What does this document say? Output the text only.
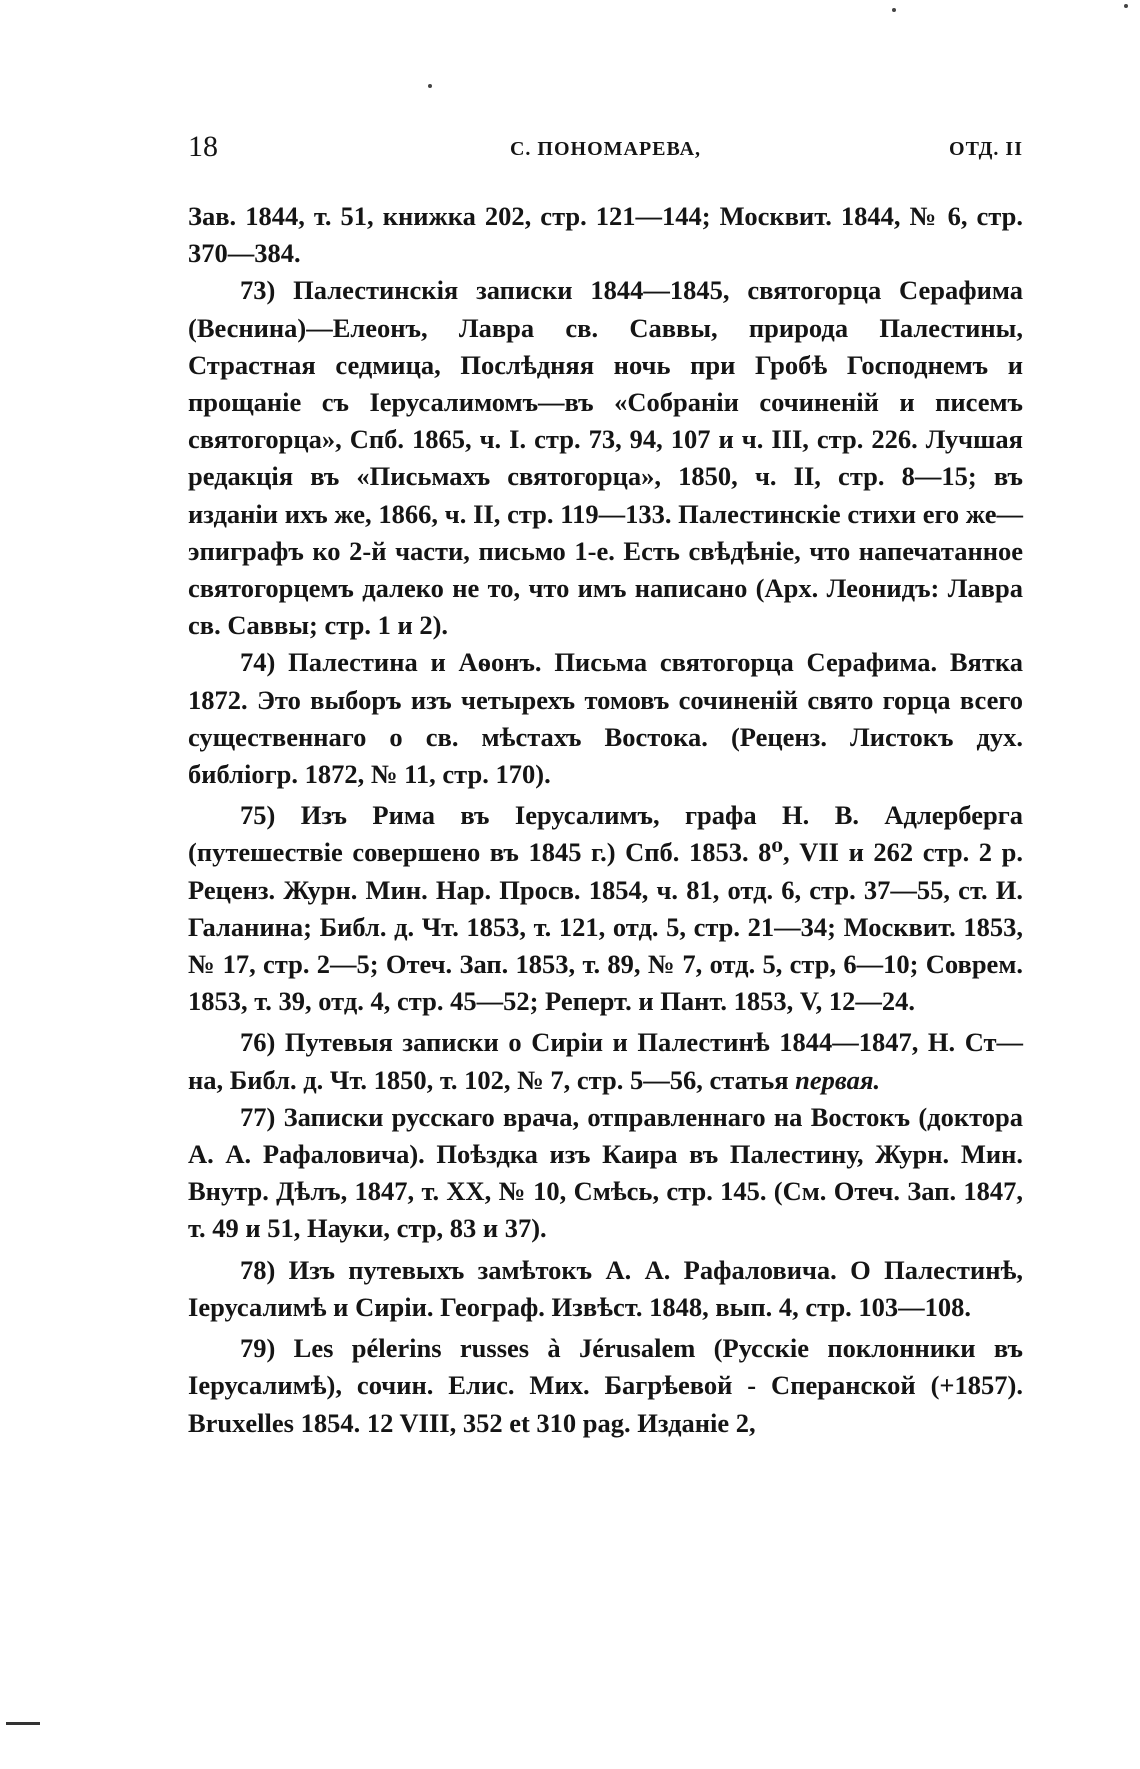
18	С. ПОНОМАРЕВА,	ОТД. II

Зав. 1844, т. 51, книжка 202, стр. 121—144; Москвит. 1844, № 6, стр. 370—384.

73) Палестинскія записки 1844—1845, святогорца Серафима (Веснина)—Елеонъ, Лавра св. Саввы, природа Палестины, Страстная седмица, Послѣдняя ночь при Гробѣ Господнемъ и прощаніе съ Іерусалимомъ—въ «Собраніи сочиненій и писемъ святогорца», Спб. 1865, ч. I. стр. 73, 94, 107 и ч. III, стр. 226. Лучшая редакція въ «Письмахъ святогорца», 1850, ч. II, стр. 8—15; въ изданіи ихъ же, 1866, ч. II, стр. 119—133. Палестинскіе стихи его же—эпиграфъ ко 2-й части, письмо 1-е. Есть свѣдѣніе, что напечатанное святогорцемъ далеко не то, что имъ написано (Арх. Леонидъ: Лавра св. Саввы; стр. 1 и 2).

74) Палестина и Аѳонъ. Письма святогорца Серафима. Вятка 1872. Это выборъ изъ четырехъ томовъ сочиненій свято горца всего существеннаго о св. мѣстахъ Востока. (Реценз. Листокъ дух. библіогр. 1872, № 11, стр. 170).

75) Изъ Рима въ Іерусалимъ, графа Н. В. Адлерберга (путешествіе совершено въ 1845 г.) Спб. 1853. 8⁰, VII и 262 стр. 2 р. Реценз. Журн. Мин. Нар. Просв. 1854, ч. 81, отд. 6, стр. 37—55, ст. И. Галанина; Библ. д. Чт. 1853, т. 121, отд. 5, стр. 21—34; Москвит. 1853, № 17, стр. 2—5; Отеч. Зап. 1853, т. 89, № 7, отд. 5, стр, 6—10; Соврем. 1853, т. 39, отд. 4, стр. 45—52; Реперт. и Пант. 1853, V, 12—24.

76) Путевыя записки о Сиріи и Палестинѣ 1844—1847, Н. Ст—на, Библ. д. Чт. 1850, т. 102, № 7, стр. 5—56, статья первая.

77) Записки русскаго врача, отправленнаго на Востокъ (доктора А. А. Рафаловича). Поѣздка изъ Каира въ Палестину, Журн. Мин. Внутр. Дѣлъ, 1847, т. XX, № 10, Смѣсь, стр. 145. (См. Отеч. Зап. 1847, т. 49 и 51, Науки, стр, 83 и 37).

78) Изъ путевыхъ замѣтокъ А. А. Рафаловича. О Палестинѣ, Іерусалимѣ и Сиріи. Географ. Извѣст. 1848, вып. 4, стр. 103—108.

79) Les pélerins russes à Jérusalem (Русскіе поклонники въ Іерусалимѣ), сочин. Елис. Мих. Багрѣевой - Сперанской (+1857). Bruxelles 1854. 12 VIII, 352 et 310 pag. Изданіе 2,
